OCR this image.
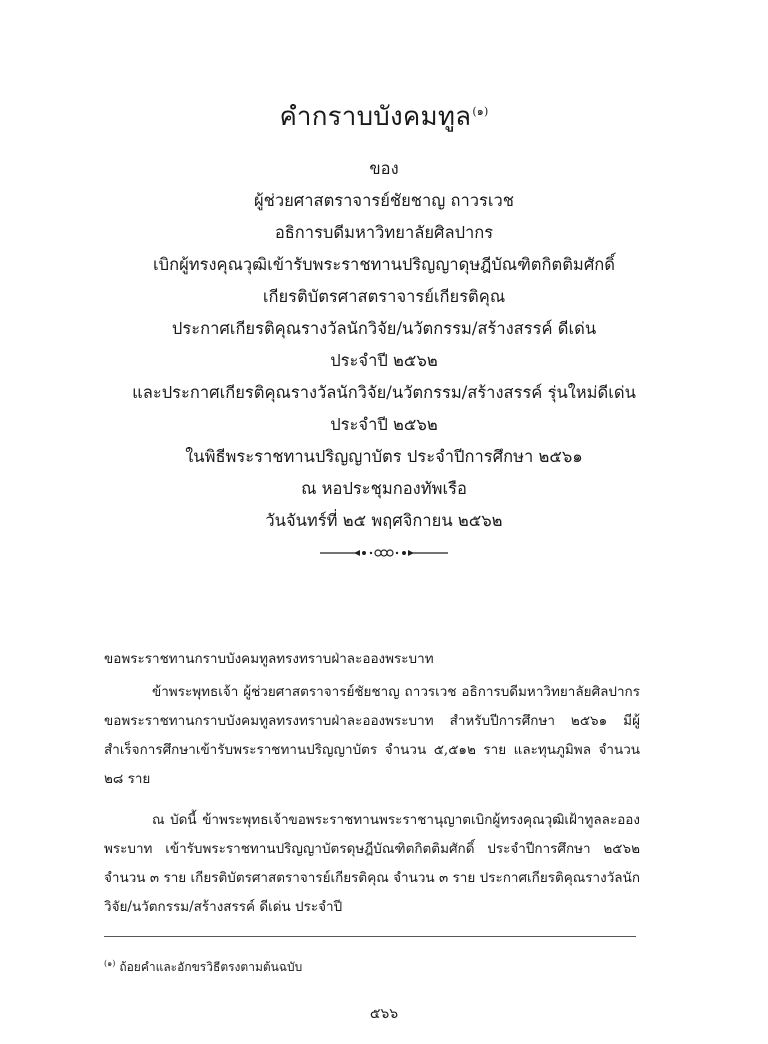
คำกราบบังคมทูล$^{(๑)}$
ของ
ผู้ช่วยศาสตราจารย์ชัยชาญ ถาวรเวช
อธิการบดีมหาวิทยาลัยศิลปากร
เบิกผู้ทรงคุณวุฒิเข้ารับพระราชทานปริญญาดุษฎีบัณฑิตกิตติมศักดิ์
เกียรติบัตรศาสตราจารย์เกียรติคุณ
ประกาศเกียรติคุณรางวัลนักวิจัย/นวัตกรรม/สร้างสรรค์ ดีเด่น
ประจำปี ๒๕๖๒
และประกาศเกียรติคุณรางวัลนักวิจัย/นวัตกรรม/สร้างสรรค์ รุ่นใหม่ดีเด่น
ประจำปี ๒๕๖๒
ในพิธีพระราชทานปริญญาบัตร ประจำปีการศึกษา ๒๕๖๑
ณ หอประชุมกองทัพเรือ
วันจันทร์ที่ ๒๕ พฤศจิกายน ๒๕๖๒

ขอพระราชทานกราบบังคมทูลทรงทราบฝ่าละอองพระบาท

ข้าพระพุทธเจ้า ผู้ช่วยศาสตราจารย์ชัยชาญ ถาวรเวช อธิการบดีมหาวิทยาลัยศิลปากร ขอพระราชทานกราบบังคมทูลทรงทราบฝ่าละอองพระบาท สำหรับปีการศึกษา ๒๕๖๑ มีผู้สำเร็จการศึกษาเข้ารับพระราชทานปริญญาบัตร จำนวน ๕,๕๑๒ ราย และทุนภูมิพล จำนวน ๒๘ ราย

ณ บัดนี้ ข้าพระพุทธเจ้าขอพระราชทานพระราชานุญาตเบิกผู้ทรงคุณวุฒิเฝ้าทูลละอองพระบาท เข้ารับพระราชทานปริญญาบัตรดุษฎีบัณฑิตกิตติมศักดิ์ ประจำปีการศึกษา ๒๕๖๒ จำนวน ๓ ราย เกียรติบัตรศาสตราจารย์เกียรติคุณ จำนวน ๓ ราย ประกาศเกียรติคุณรางวัลนักวิจัย/นวัตกรรม/สร้างสรรค์ ดีเด่น ประจำปี

$^{(๑)}$ ถ้อยคำและอักขรวิธีตรงตามต้นฉบับ
๕๖๖
